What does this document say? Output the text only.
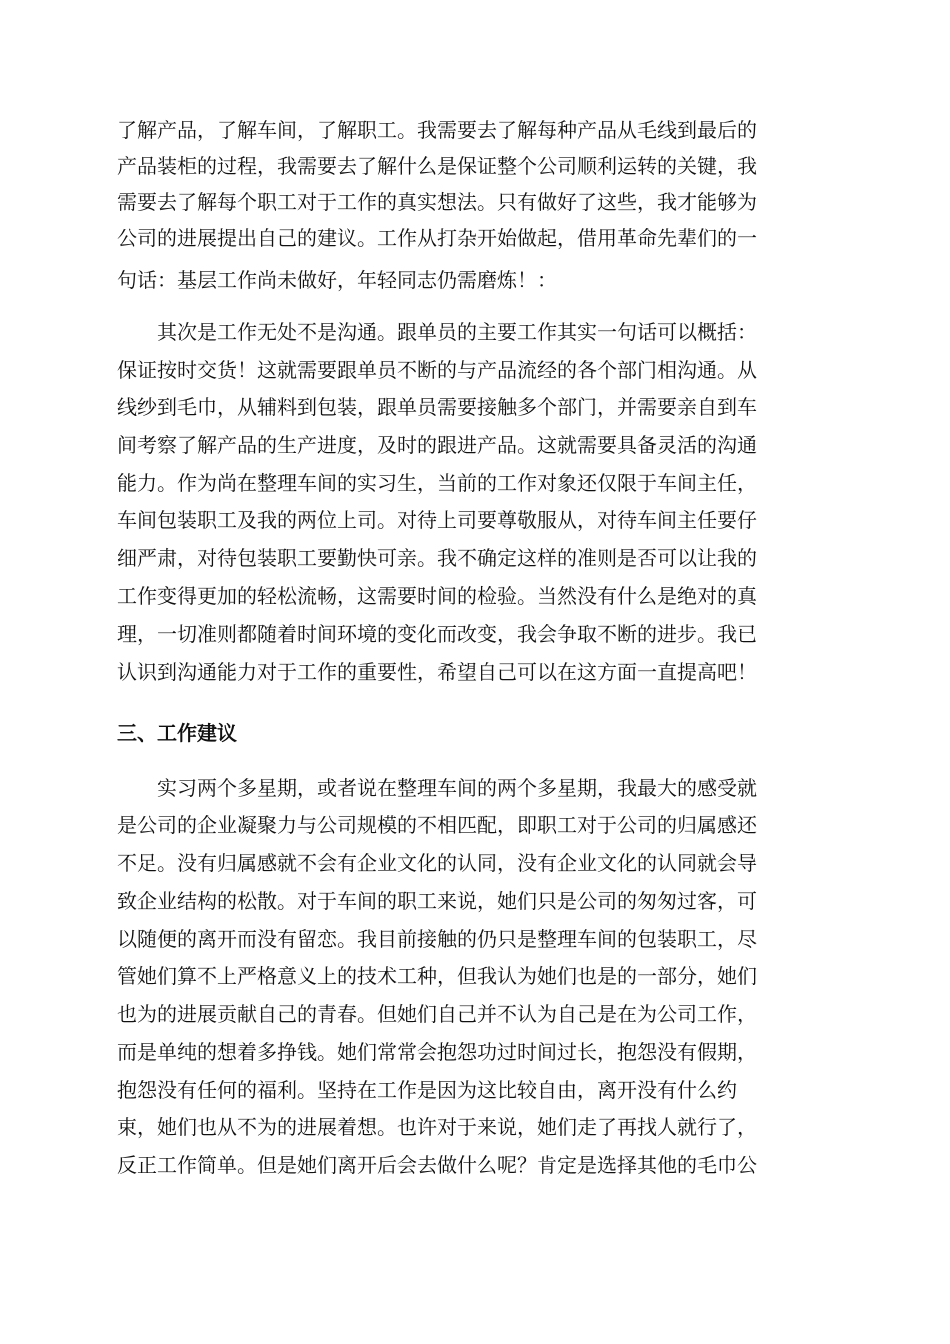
了解产品，了解车间，了解职工。我需要去了解每种产品从毛线到最后的
产品装柜的过程，我需要去了解什么是保证整个公司顺利运转的关键，我
需要去了解每个职工对于工作的真实想法。只有做好了这些，我才能够为
公司的进展提出自己的建议。工作从打杂开始做起，借用革命先辈们的一
句话：基层工作尚未做好，年轻同志仍需磨炼！：
其次是工作无处不是沟通。跟单员的主要工作其实一句话可以概括：
保证按时交货！这就需要跟单员不断的与产品流经的各个部门相沟通。从
线纱到毛巾，从辅料到包装，跟单员需要接触多个部门，并需要亲自到车
间考察了解产品的生产进度，及时的跟进产品。这就需要具备灵活的沟通
能力。作为尚在整理车间的实习生，当前的工作对象还仅限于车间主任，
车间包装职工及我的两位上司。对待上司要尊敬服从，对待车间主任要仔
细严肃，对待包装职工要勤快可亲。我不确定这样的准则是否可以让我的
工作变得更加的轻松流畅，这需要时间的检验。当然没有什么是绝对的真
理，一切准则都随着时间环境的变化而改变，我会争取不断的进步。我已
认识到沟通能力对于工作的重要性，希望自己可以在这方面一直提高吧！
三、工作建议
实习两个多星期，或者说在整理车间的两个多星期，我最大的感受就
是公司的企业凝聚力与公司规模的不相匹配，即职工对于公司的归属感还
不足。没有归属感就不会有企业文化的认同，没有企业文化的认同就会导
致企业结构的松散。对于车间的职工来说，她们只是公司的匆匆过客，可
以随便的离开而没有留恋。我目前接触的仍只是整理车间的包装职工，尽
管她们算不上严格意义上的技术工种，但我认为她们也是的一部分，她们
也为的进展贡献自己的青春。但她们自己并不认为自己是在为公司工作，
而是单纯的想着多挣钱。她们常常会抱怨功过时间过长，抱怨没有假期，
抱怨没有任何的福利。坚持在工作是因为这比较自由，离开没有什么约
束，她们也从不为的进展着想。也许对于来说，她们走了再找人就行了，
反正工作简单。但是她们离开后会去做什么呢？肯定是选择其他的毛巾公
